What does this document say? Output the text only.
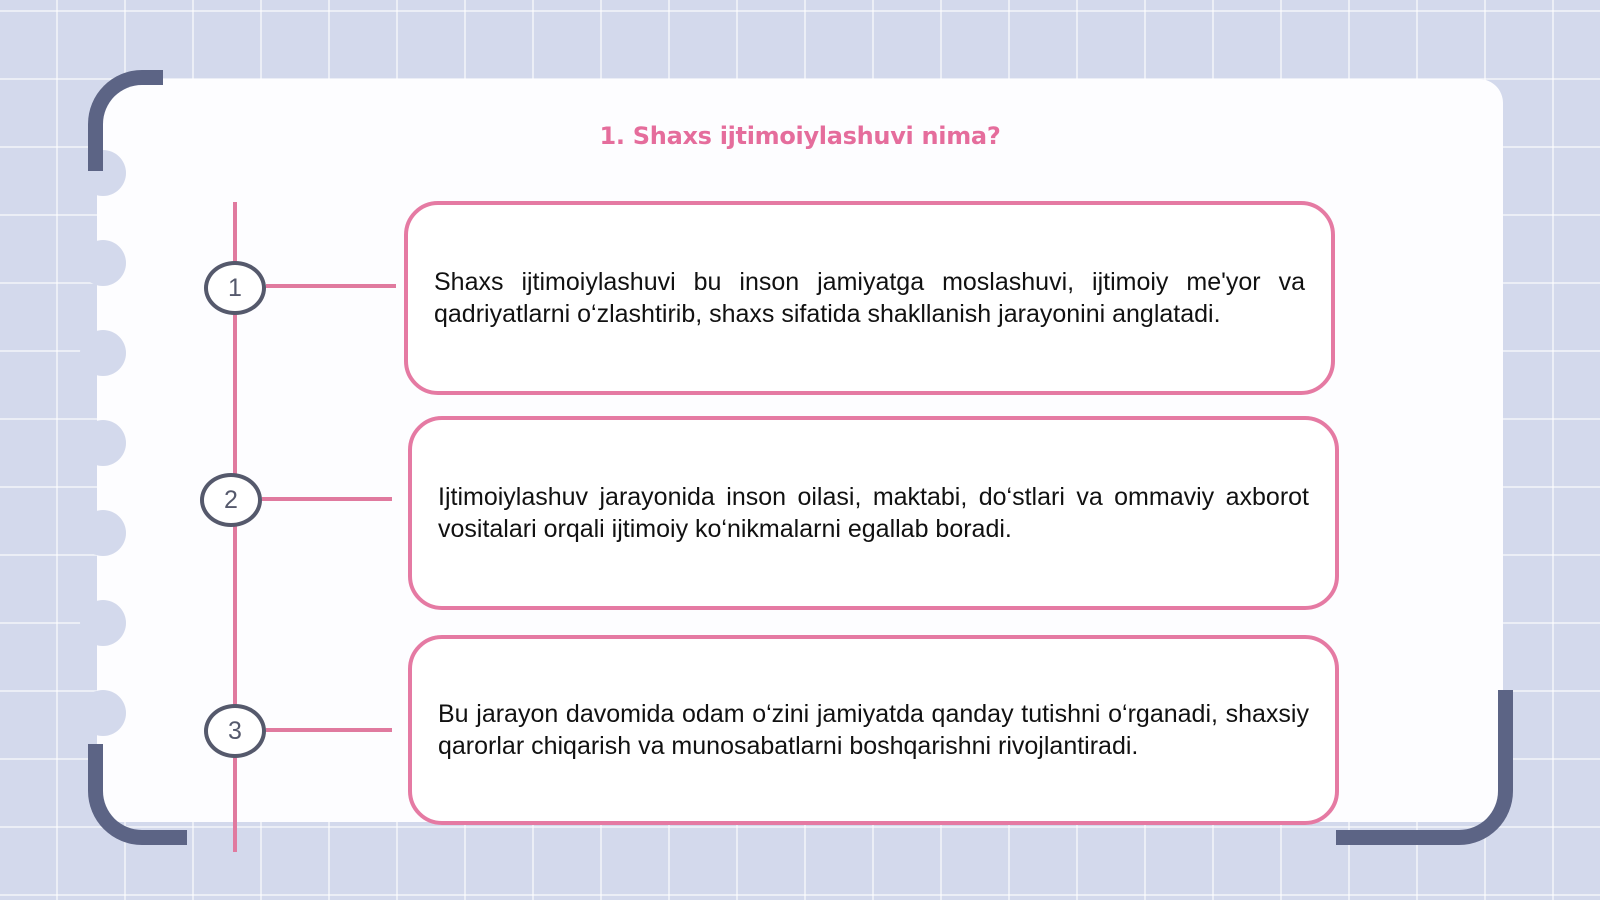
1. Shaxs ijtimoiylashuvi nima?
1
2
3

Shaxs ijtimoiylashuvi bu inson jamiyatga moslashuvi, ijtimoiy me'yor va qadriyatlarni o‘zlashtirib, shaxs sifatida shakllanish jarayonini anglatadi.

Ijtimoiylashuv jarayonida inson oilasi, maktabi, do‘stlari va ommaviy axborot vositalari orqali ijtimoiy ko‘nikmalarni egallab boradi.

Bu jarayon davomida odam o‘zini jamiyatda qanday tutishni o‘rganadi, shaxsiy qarorlar chiqarish va munosabatlarni boshqarishni rivojlantiradi.
